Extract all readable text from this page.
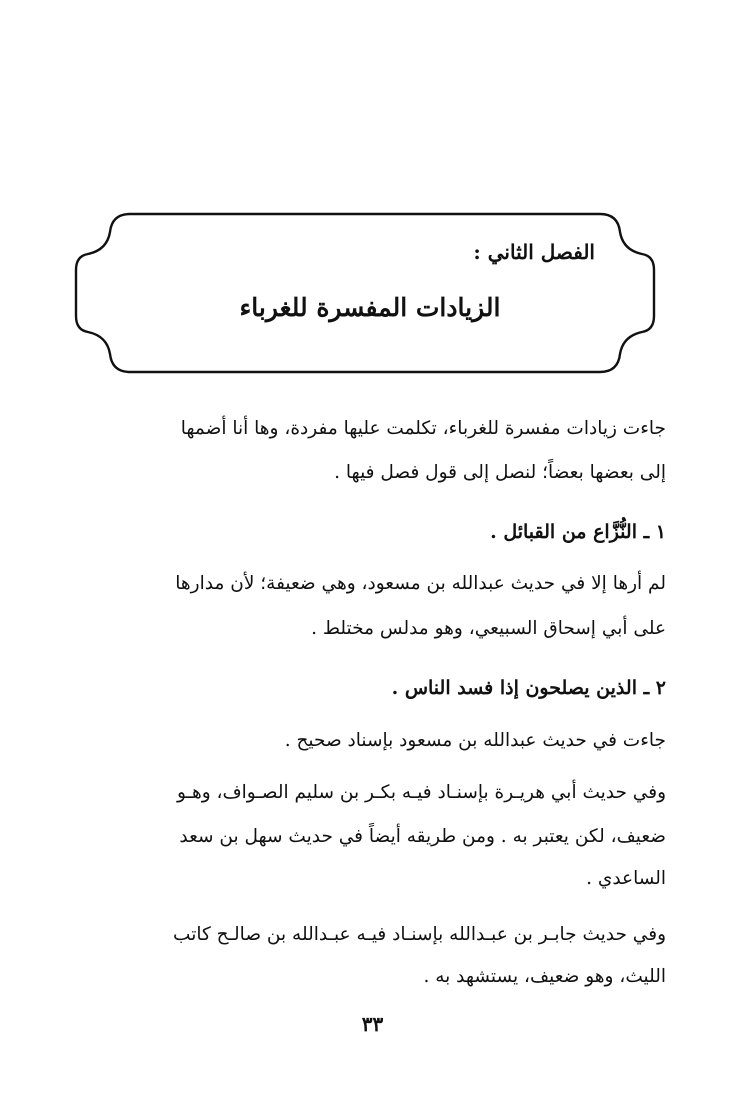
الفصل الثاني :
الزيادات المفسرة للغرباء
جاءت زيادات مفسرة للغرباء، تكلمت عليها مفردة، وها أنا أضمها
إلى بعضها بعضاً؛ لنصل إلى قول فصل فيها .
١ ـ النُّزَّاع من القبائل .
لم أرها إلا في حديث عبدالله بن مسعود، وهي ضعيفة؛ لأن مدارها
على أبي إسحاق السبيعي، وهو مدلس مختلط .
٢ ـ الذين يصلحون إذا فسد الناس .
جاءت في حديث عبدالله بن مسعود بإسناد صحيح .
وفي حديث أبي هريـرة بإسنـاد فيـه بكـر بن سليم الصـواف، وهـو
ضعيف، لكن يعتبر به . ومن طريقه أيضاً في حديث سهل بن سعد
الساعدي .
وفي حديث جابـر بن عبـدالله بإسنـاد فيـه عبـدالله بن صالـح كاتب
الليث، وهو ضعيف، يستشهد به .
٣٣
